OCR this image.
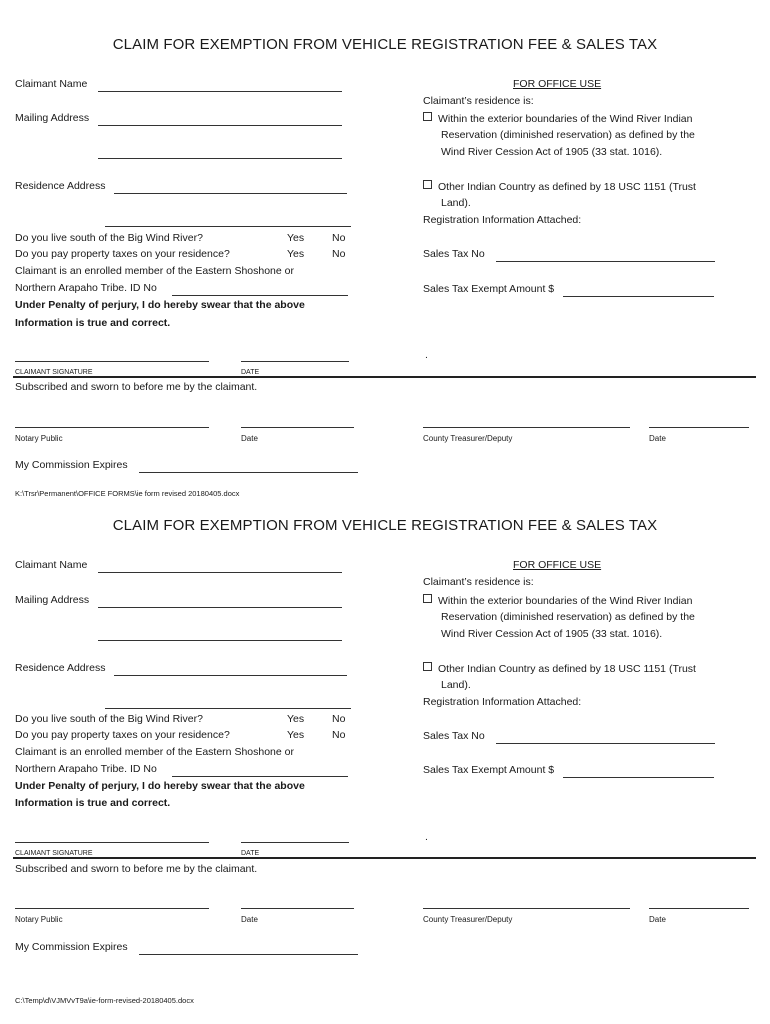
CLAIM FOR EXEMPTION FROM VEHICLE REGISTRATION FEE & SALES TAX
Claimant Name
Mailing Address
Residence Address
Do you live south of the Big Wind River?	Yes	No
Do you pay property taxes on your residence?	Yes	No
Claimant is an enrolled member of the Eastern Shoshone or
Northern Arapaho Tribe. ID No
Under Penalty of perjury, I do hereby swear that the above
Information is true and correct.
CLAIMANT SIGNATURE	DATE
Subscribed and sworn to before me by the claimant.
Notary Public	Date	County Treasurer/Deputy	Date
My Commission Expires
K:\Trsr\Permanent\OFFICE FORMS\ie form revised 20180405.docx
FOR OFFICE USE
Claimant’s residence is:
Within the exterior boundaries of the Wind River Indian
Reservation (diminished reservation) as defined by the
Wind River Cession Act of 1905 (33 stat. 1016).
Other Indian Country as defined by 18 USC 1151 (Trust
Land).
Registration Information Attached:
Sales Tax No
Sales Tax Exempt Amount $
.
CLAIM FOR EXEMPTION FROM VEHICLE REGISTRATION FEE & SALES TAX
Claimant Name
Mailing Address
Residence Address
Do you live south of the Big Wind River?	Yes	No
Do you pay property taxes on your residence?	Yes	No
Claimant is an enrolled member of the Eastern Shoshone or
Northern Arapaho Tribe. ID No
Under Penalty of perjury, I do hereby swear that the above
Information is true and correct.
CLAIMANT SIGNATURE	DATE
Subscribed and sworn to before me by the claimant.
Notary Public	Date	County Treasurer/Deputy	Date
My Commission Expires
C:\Temp\d\VJMVvT9a\ie-form-revised-20180405.docx
FOR OFFICE USE
Claimant’s residence is:
Within the exterior boundaries of the Wind River Indian
Reservation (diminished reservation) as defined by the
Wind River Cession Act of 1905 (33 stat. 1016).
Other Indian Country as defined by 18 USC 1151 (Trust
Land).
Registration Information Attached:
Sales Tax No
Sales Tax Exempt Amount $
.
